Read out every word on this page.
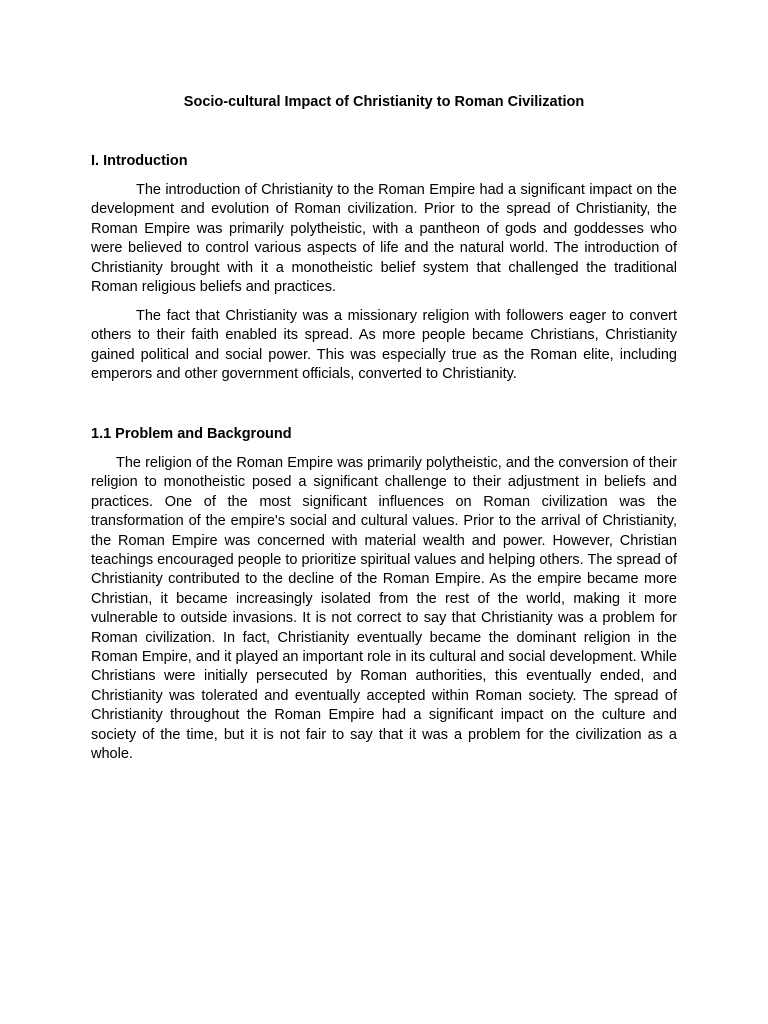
Socio-cultural Impact of Christianity to Roman Civilization
I. Introduction

The introduction of Christianity to the Roman Empire had a significant impact on the development and evolution of Roman civilization. Prior to the spread of Christianity, the Roman Empire was primarily polytheistic, with a pantheon of gods and goddesses who were believed to control various aspects of life and the natural world. The introduction of Christianity brought with it a monotheistic belief system that challenged the traditional Roman religious beliefs and practices.

The fact that Christianity was a missionary religion with followers eager to convert others to their faith enabled its spread. As more people became Christians, Christianity gained political and social power. This was especially true as the Roman elite, including emperors and other government officials, converted to Christianity.

1.1 Problem and Background

The religion of the Roman Empire was primarily polytheistic, and the conversion of their religion to monotheistic posed a significant challenge to their adjustment in beliefs and practices. One of the most significant influences on Roman civilization was the transformation of the empire's social and cultural values. Prior to the arrival of Christianity, the Roman Empire was concerned with material wealth and power. However, Christian teachings encouraged people to prioritize spiritual values and helping others. The spread of Christianity contributed to the decline of the Roman Empire. As the empire became more Christian, it became increasingly isolated from the rest of the world, making it more vulnerable to outside invasions. It is not correct to say that Christianity was a problem for Roman civilization. In fact, Christianity eventually became the dominant religion in the Roman Empire, and it played an important role in its cultural and social development. While Christians were initially persecuted by Roman authorities, this eventually ended, and Christianity was tolerated and eventually accepted within Roman society. The spread of Christianity throughout the Roman Empire had a significant impact on the culture and society of the time, but it is not fair to say that it was a problem for the civilization as a whole.
